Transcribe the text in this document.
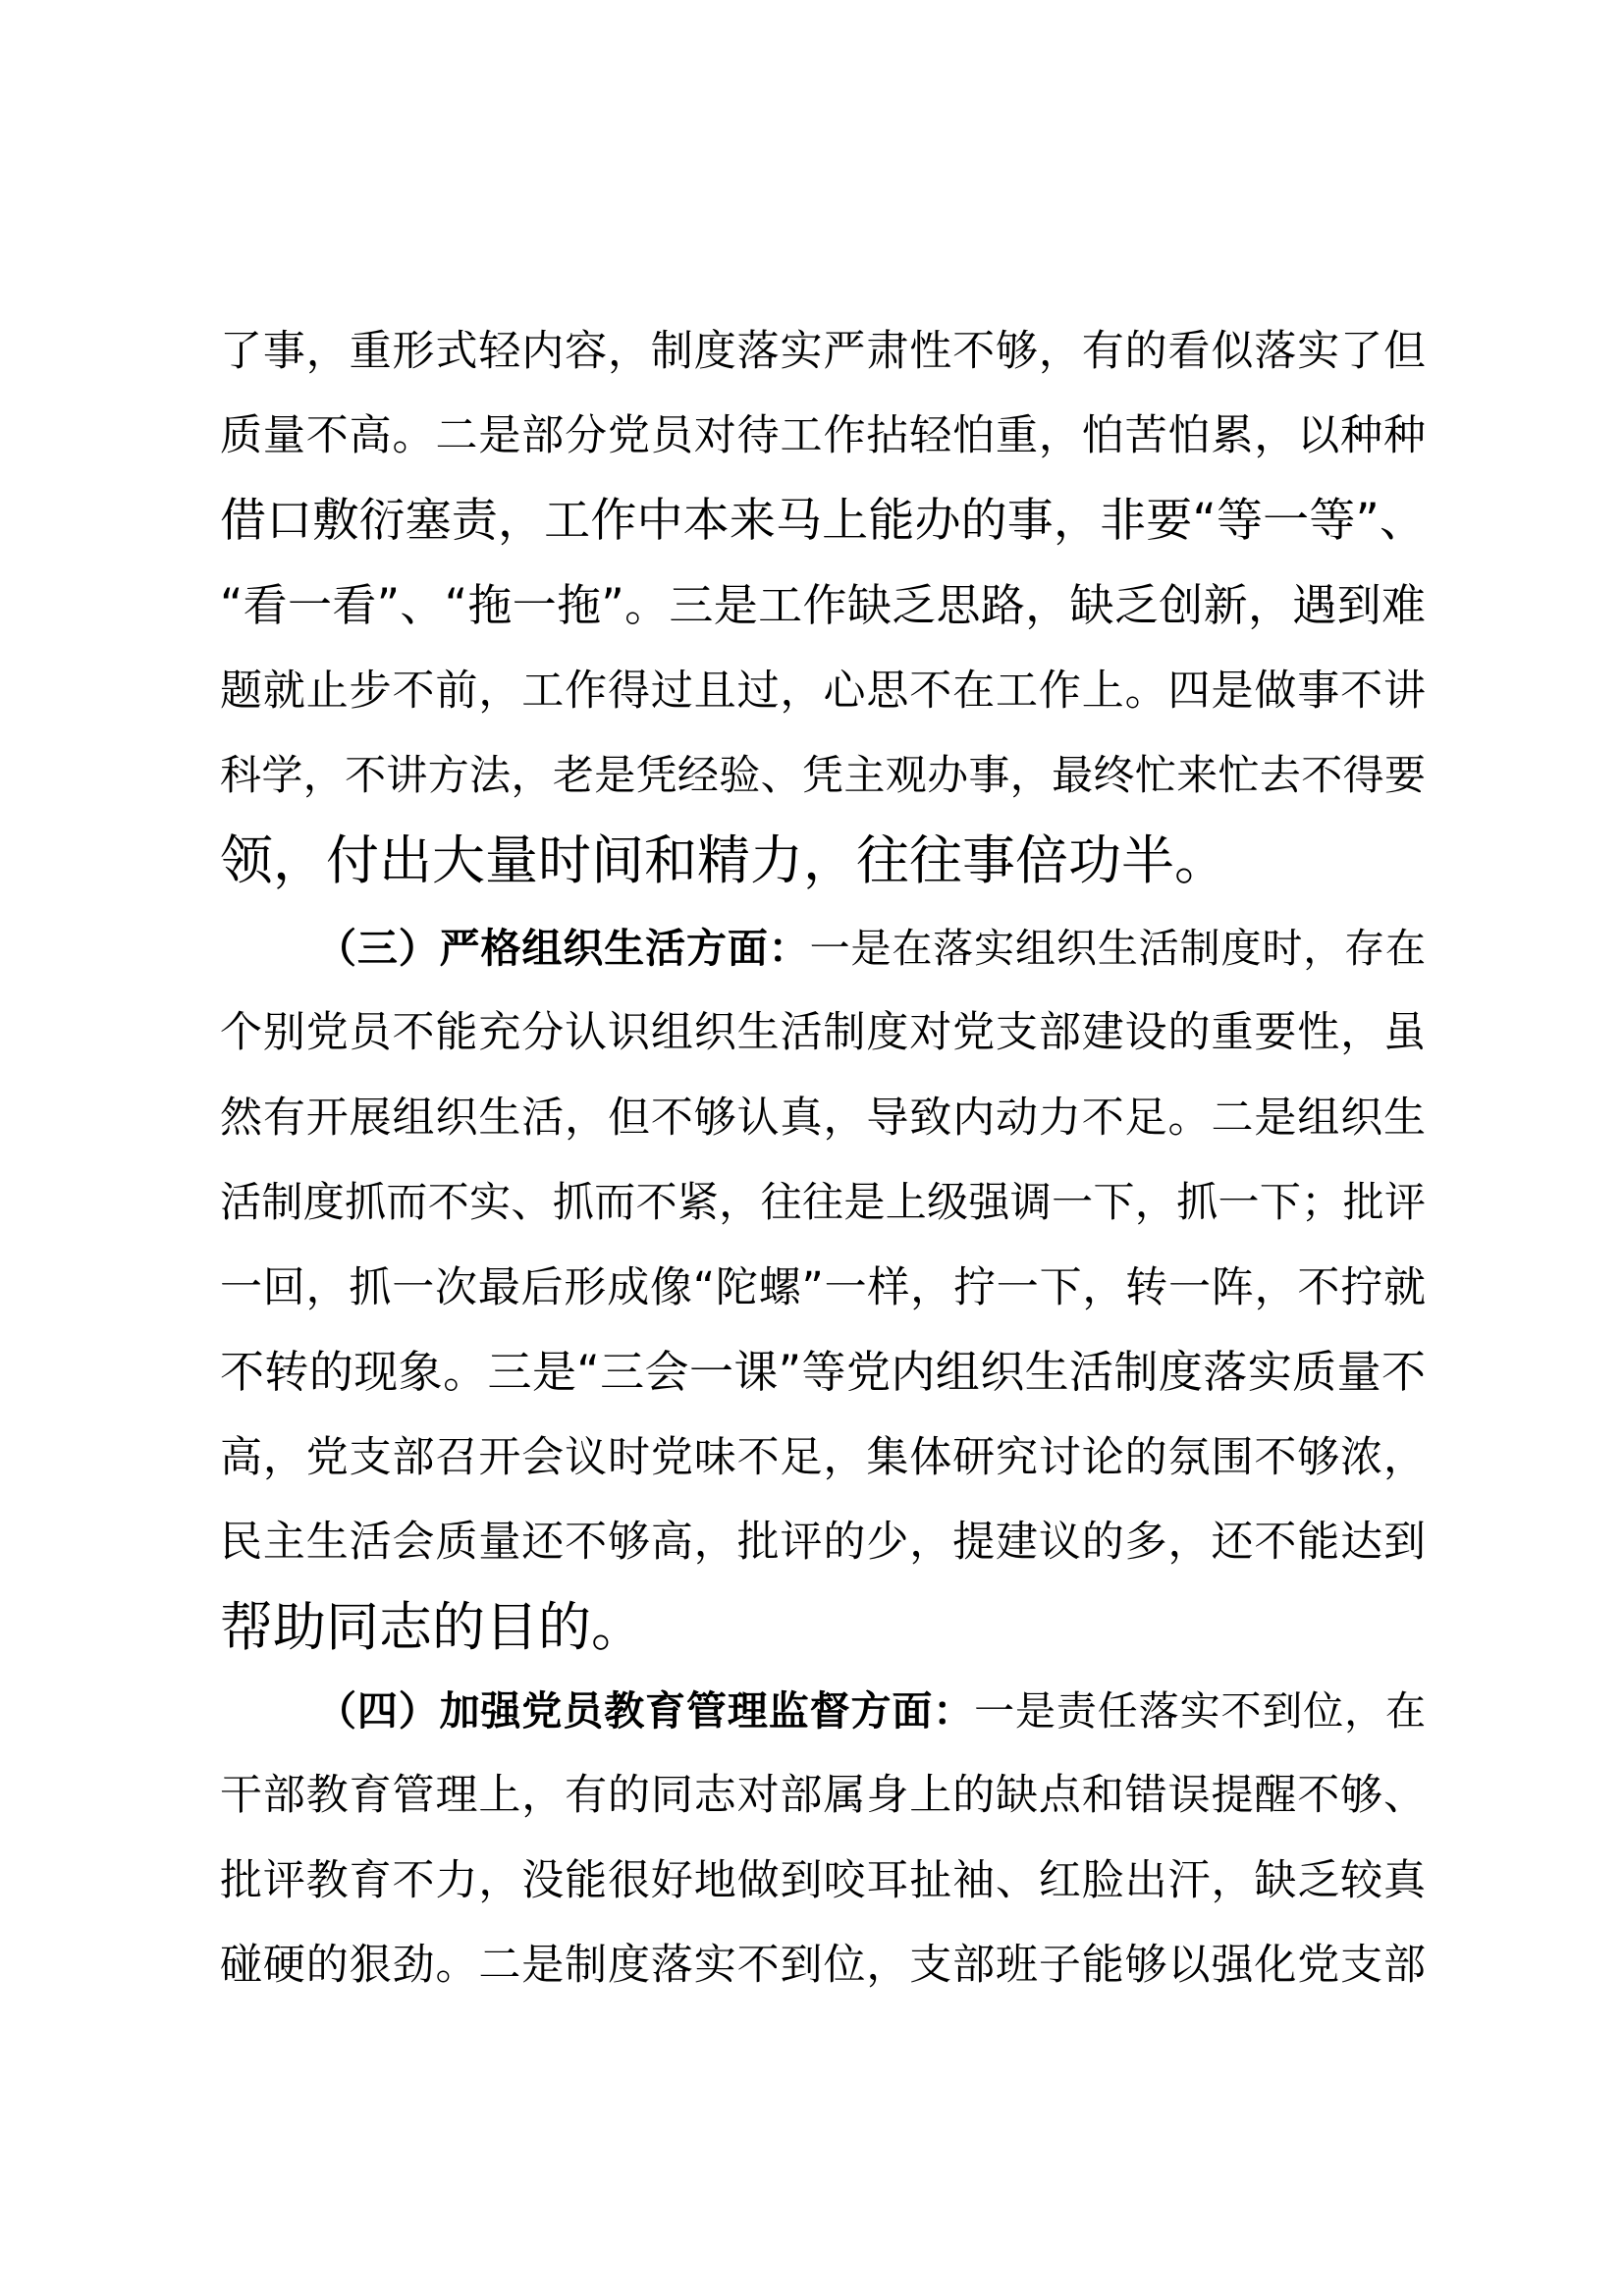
了事，重形式轻内容，制度落实严肃性不够，有的看似落实了但
质量不高。二是部分党员对待工作拈轻怕重，怕苦怕累，以种种
借口敷衍塞责，工作中本来马上能办的事，非要“等一等”、
“看一看”、“拖一拖”。三是工作缺乏思路，缺乏创新，遇到难
题就止步不前，工作得过且过，心思不在工作上。四是做事不讲
科学，不讲方法，老是凭经验、凭主观办事，最终忙来忙去不得要
领，付出大量时间和精力，往往事倍功半。
（三）严格组织生活方面：一是在落实组织生活制度时，存在
个别党员不能充分认识组织生活制度对党支部建设的重要性，虽
然有开展组织生活，但不够认真，导致内动力不足。二是组织生
活制度抓而不实、抓而不紧，往往是上级强调一下，抓一下；批评
一回，抓一次最后形成像“陀螺”一样，拧一下，转一阵，不拧就
不转的现象。三是“三会一课”等党内组织生活制度落实质量不
高，党支部召开会议时党味不足，集体研究讨论的氛围不够浓，
民主生活会质量还不够高，批评的少，提建议的多，还不能达到
帮助同志的目的。
（四）加强党员教育管理监督方面：一是责任落实不到位，在
干部教育管理上，有的同志对部属身上的缺点和错误提醒不够、
批评教育不力，没能很好地做到咬耳扯袖、红脸出汗，缺乏较真
碰硬的狠劲。二是制度落实不到位，支部班子能够以强化党支部
